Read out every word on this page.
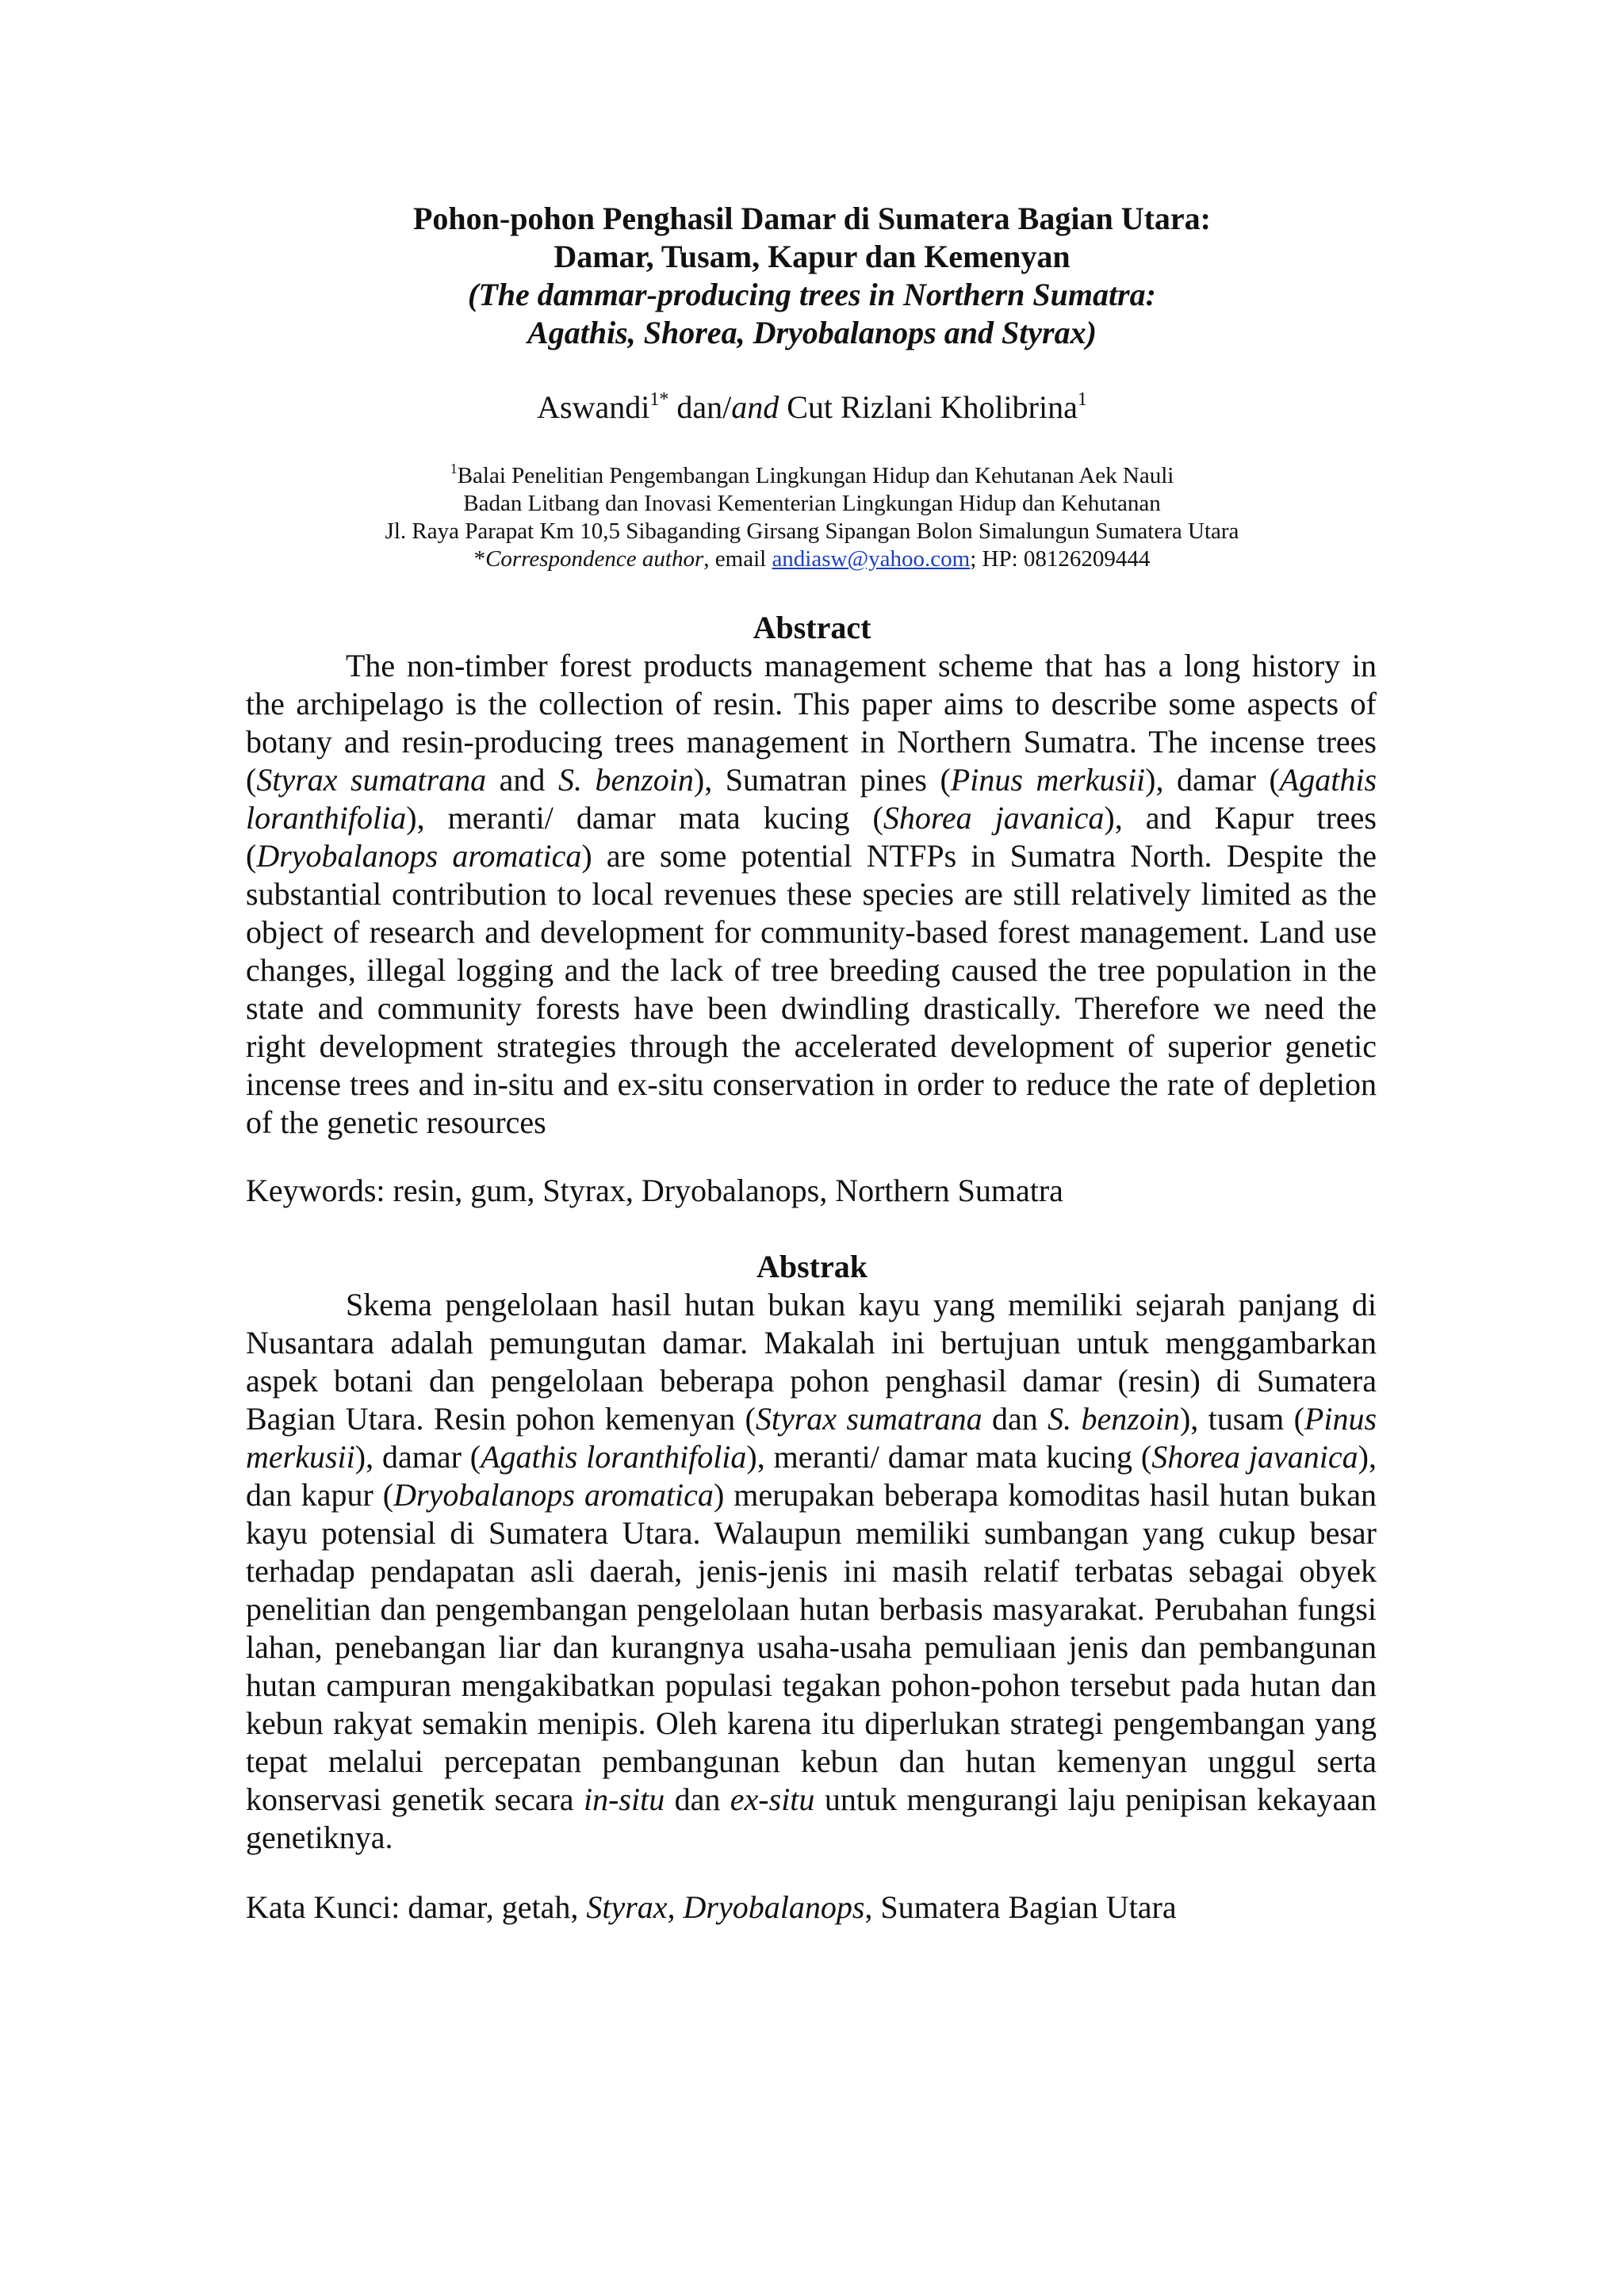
Pohon-pohon Penghasil Damar di Sumatera Bagian Utara:
Damar, Tusam, Kapur dan Kemenyan
(The dammar-producing trees in Northern Sumatra:
Agathis, Shorea, Dryobalanops and Styrax)
Aswandi$^{1*}$ dan/and Cut Rizlani Kholibrina$^1$
$^1$Balai Penelitian Pengembangan Lingkungan Hidup dan Kehutanan Aek Nauli
Badan Litbang dan Inovasi Kementerian Lingkungan Hidup dan Kehutanan
Jl. Raya Parapat Km 10,5 Sibaganding Girsang Sipangan Bolon Simalungun Sumatera Utara
*Correspondence author, email andiasw@yahoo.com; HP: 08126209444
Abstract
The non-timber forest products management scheme that has a long history in the archipelago is the collection of resin. This paper aims to describe some aspects of botany and resin-producing trees management in Northern Sumatra. The incense trees (Styrax sumatrana and S. benzoin), Sumatran pines (Pinus merkusii), damar (Agathis loranthifolia), meranti/ damar mata kucing (Shorea javanica), and Kapur trees (Dryobalanops aromatica) are some potential NTFPs in Sumatra North. Despite the substantial contribution to local revenues these species are still relatively limited as the object of research and development for community-based forest management. Land use changes, illegal logging and the lack of tree breeding caused the tree population in the state and community forests have been dwindling drastically. Therefore we need the right development strategies through the accelerated development of superior genetic incense trees and in-situ and ex-situ conservation in order to reduce the rate of depletion of the genetic resources
Keywords: resin, gum, Styrax, Dryobalanops, Northern Sumatra
Abstrak
Skema pengelolaan hasil hutan bukan kayu yang memiliki sejarah panjang di Nusantara adalah pemungutan damar. Makalah ini bertujuan untuk menggambarkan aspek botani dan pengelolaan beberapa pohon penghasil damar (resin) di Sumatera Bagian Utara. Resin pohon kemenyan (Styrax sumatrana dan S. benzoin), tusam (Pinus merkusii), damar (Agathis loranthifolia), meranti/ damar mata kucing (Shorea javanica), dan kapur (Dryobalanops aromatica) merupakan beberapa komoditas hasil hutan bukan kayu potensial di Sumatera Utara. Walaupun memiliki sumbangan yang cukup besar terhadap pendapatan asli daerah, jenis-jenis ini masih relatif terbatas sebagai obyek penelitian dan pengembangan pengelolaan hutan berbasis masyarakat. Perubahan fungsi lahan, penebangan liar dan kurangnya usaha-usaha pemuliaan jenis dan pembangunan hutan campuran mengakibatkan populasi tegakan pohon-pohon tersebut pada hutan dan kebun rakyat semakin menipis. Oleh karena itu diperlukan strategi pengembangan yang tepat melalui percepatan pembangunan kebun dan hutan kemenyan unggul serta konservasi genetik secara in-situ dan ex-situ untuk mengurangi laju penipisan kekayaan genetiknya.
Kata Kunci: damar, getah, Styrax, Dryobalanops, Sumatera Bagian Utara
